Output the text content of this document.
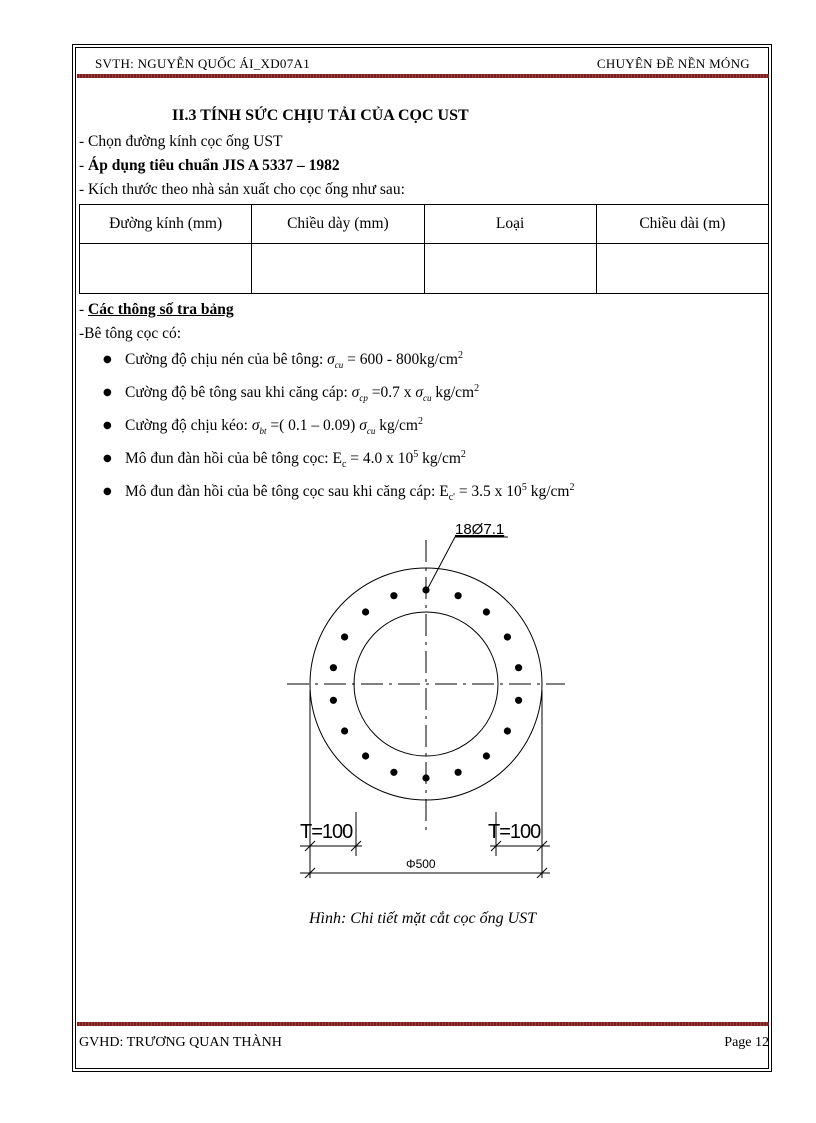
SVTH: NGUYỄN QUỐC ÁI_XD07A1	CHUYÊN ĐỀ NỀN MÓNG
II.3 TÍNH SỨC CHỊU TẢI CỦA CỌC UST
- Chọn đường kính cọc ống UST
- Áp dụng tiêu chuẩn JIS A 5337 – 1982
- Kích thước theo nhà sản xuất cho cọc ống như sau:
Đường kính (mm)	Chiều dày (mm)	Loại	Chiều dài (m)

- Các thông số tra bảng
-Bê tông cọc có:
● Cường độ chịu nén của bê tông: $\sigma_{cu} = 600 - 800kg/cm^2$
● Cường độ bê tông sau khi căng cáp: $\sigma_{cp} =0.7$ x $\sigma_{cu}$ $kg/cm^2$
● Cường độ chịu kéo: $\sigma_{bt}$ =( 0.1 – 0.09) $\sigma_{cu}$ $kg/cm^2$
● Mô đun đàn hồi của bê tông cọc: $E_c = 4.0$ x $10^5$ $kg/cm^2$
● Mô đun đàn hồi của bê tông cọc sau khi căng cáp: $E_{c'} = 3.5$ x $10^5$ $kg/cm^2$
18Ø7.1
T=100	T=100
Φ500
Hình: Chi tiết mặt cắt cọc ống UST
GVHD: TRƯƠNG QUAN THÀNH	Page 12
